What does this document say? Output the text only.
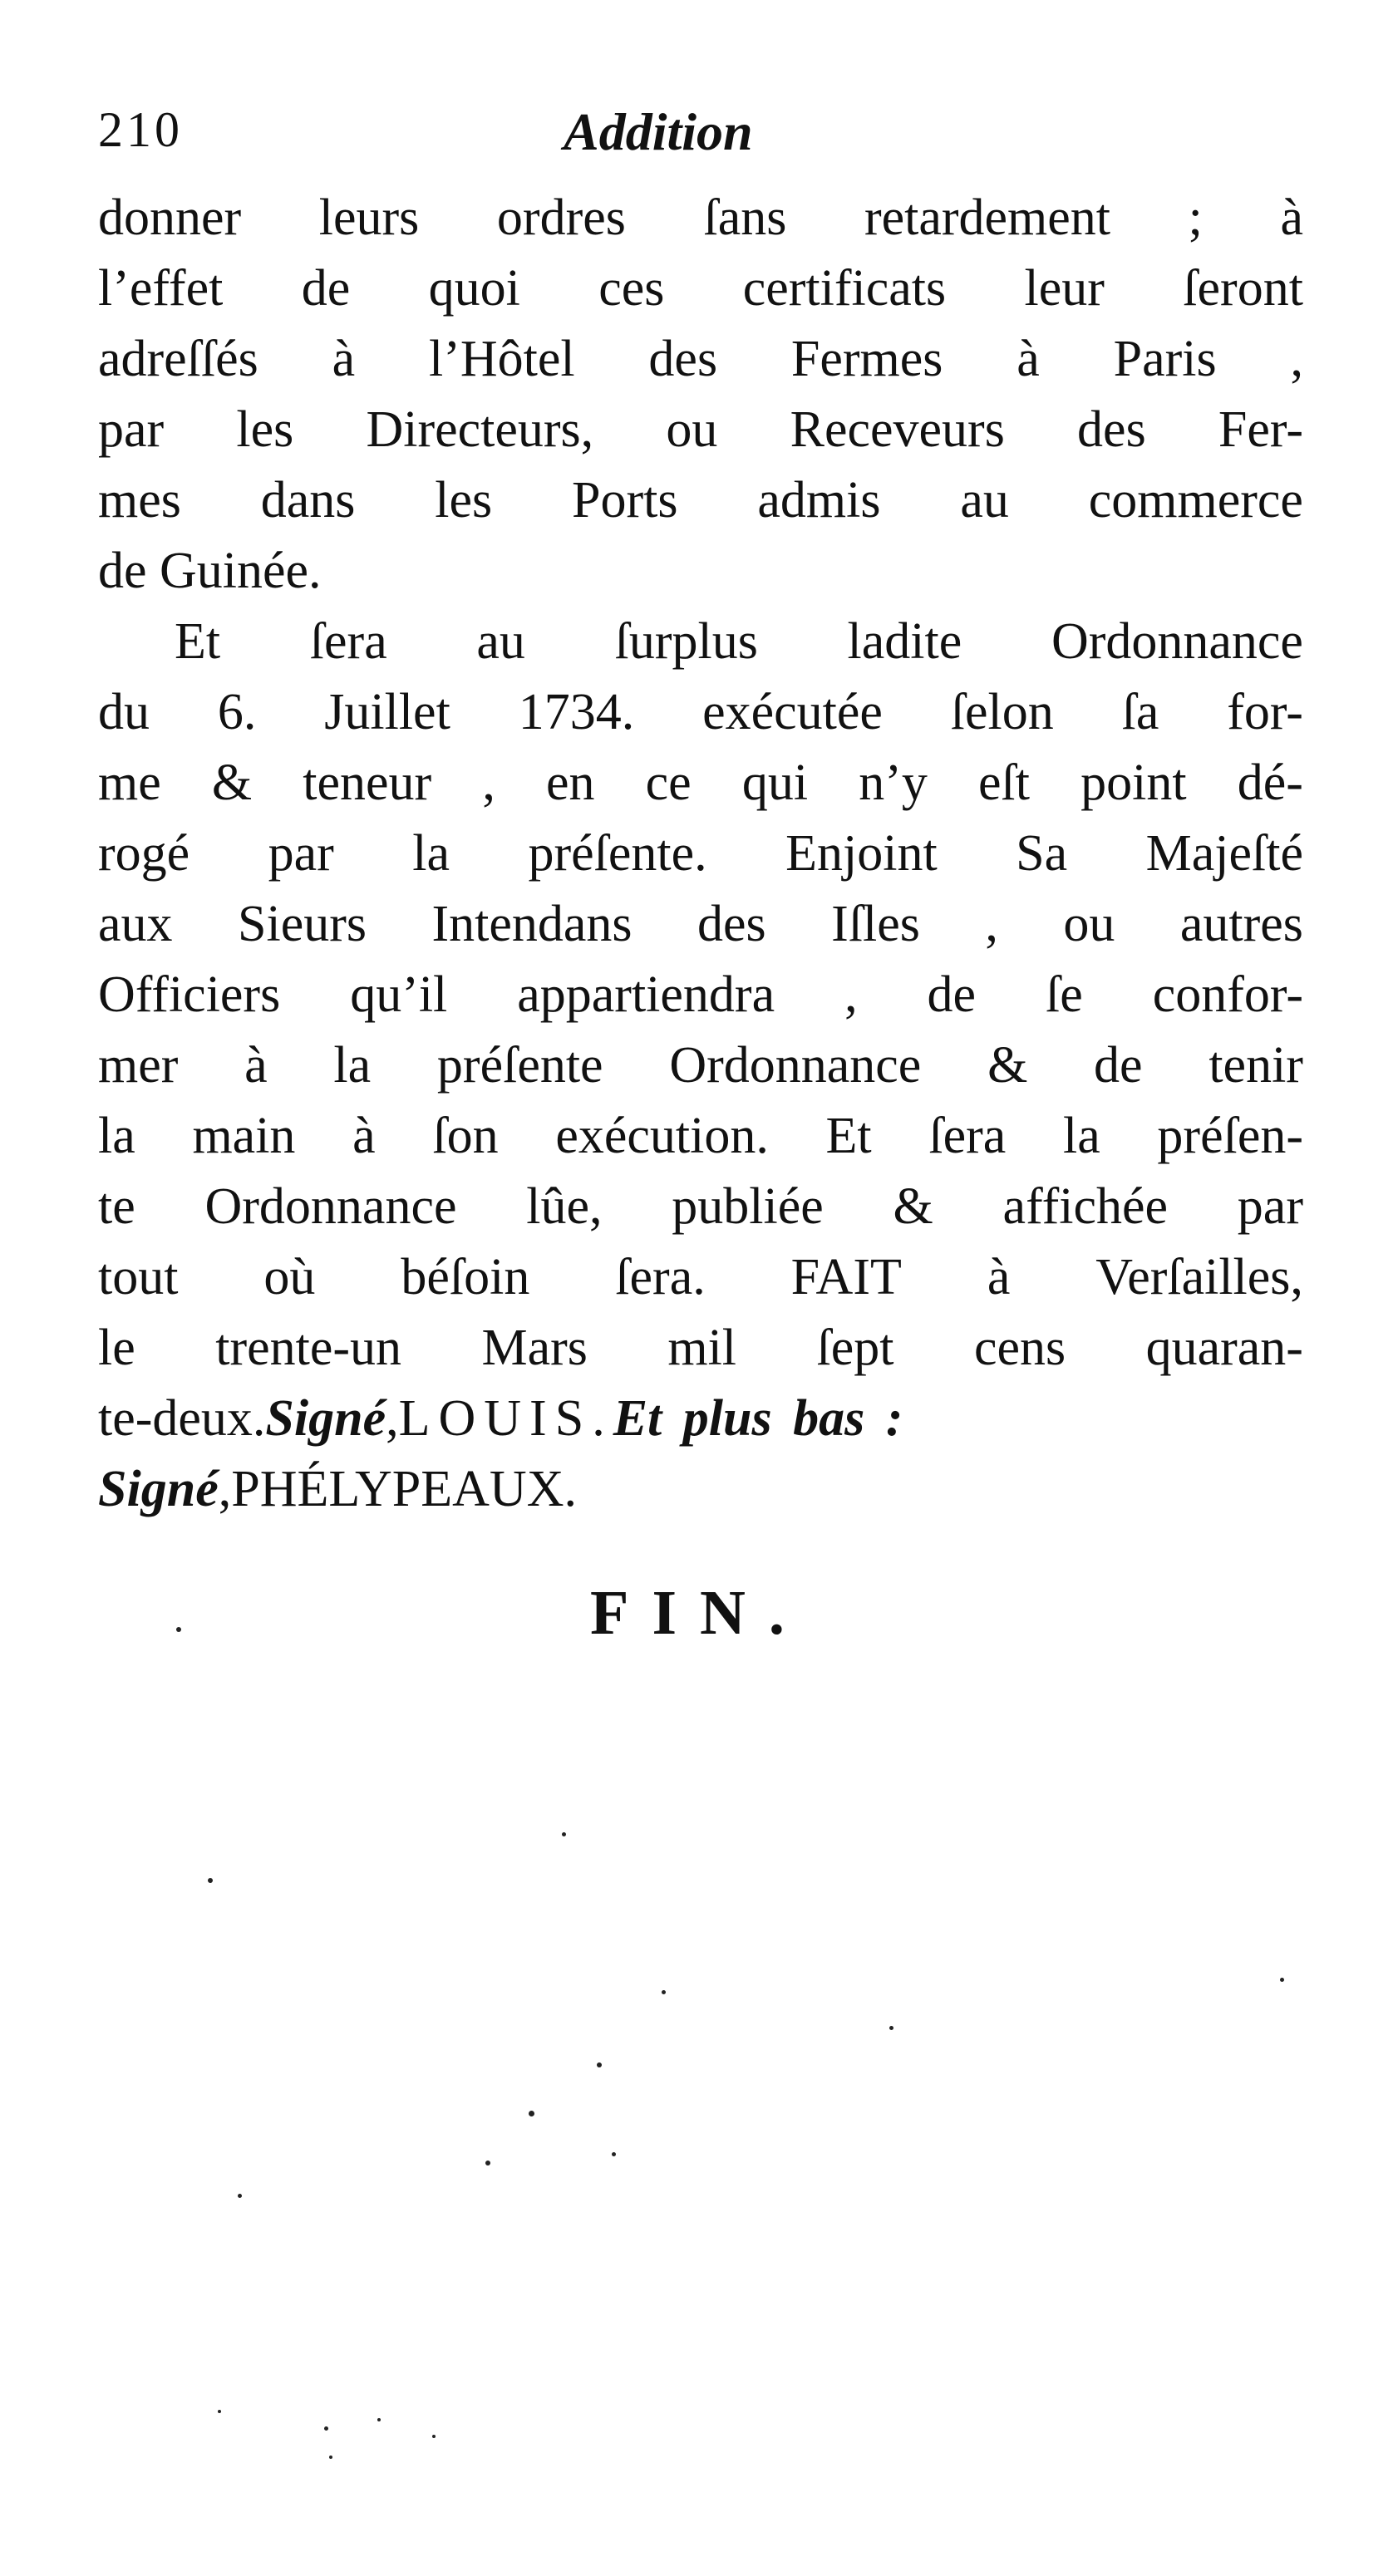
210	Addition
donner leurs ordres ſans retardement ; à
l’effet de quoi ces certificats leur ſeront
adreſſés à l’Hôtel des Fermes à Paris ,
par les Directeurs, ou Receveurs des Fer-
mes dans les Ports admis au commerce
de Guinée.
Et ſera au ſurplus ladite Ordonnance
du 6. Juillet 1734. exécutée ſelon ſa for-
me & teneur , en ce qui n’y eſt point dé-
rogé par la préſente. Enjoint Sa Majeſté
aux Sieurs Intendans des Iſles , ou autres
Officiers qu’il appartiendra , de ſe confor-
mer à la préſente Ordonnance & de tenir
la main à ſon exécution. Et ſera la préſen-
te Ordonnance lûe, publiée & affichée par
tout où béſoin ſera. FAIT à Verſailles,
le trente-un Mars mil ſept cens quaran-
te-deux. Signé , LOUIS. Et plus bas :
Signé , PHÉLYPEAUX.
FIN.
